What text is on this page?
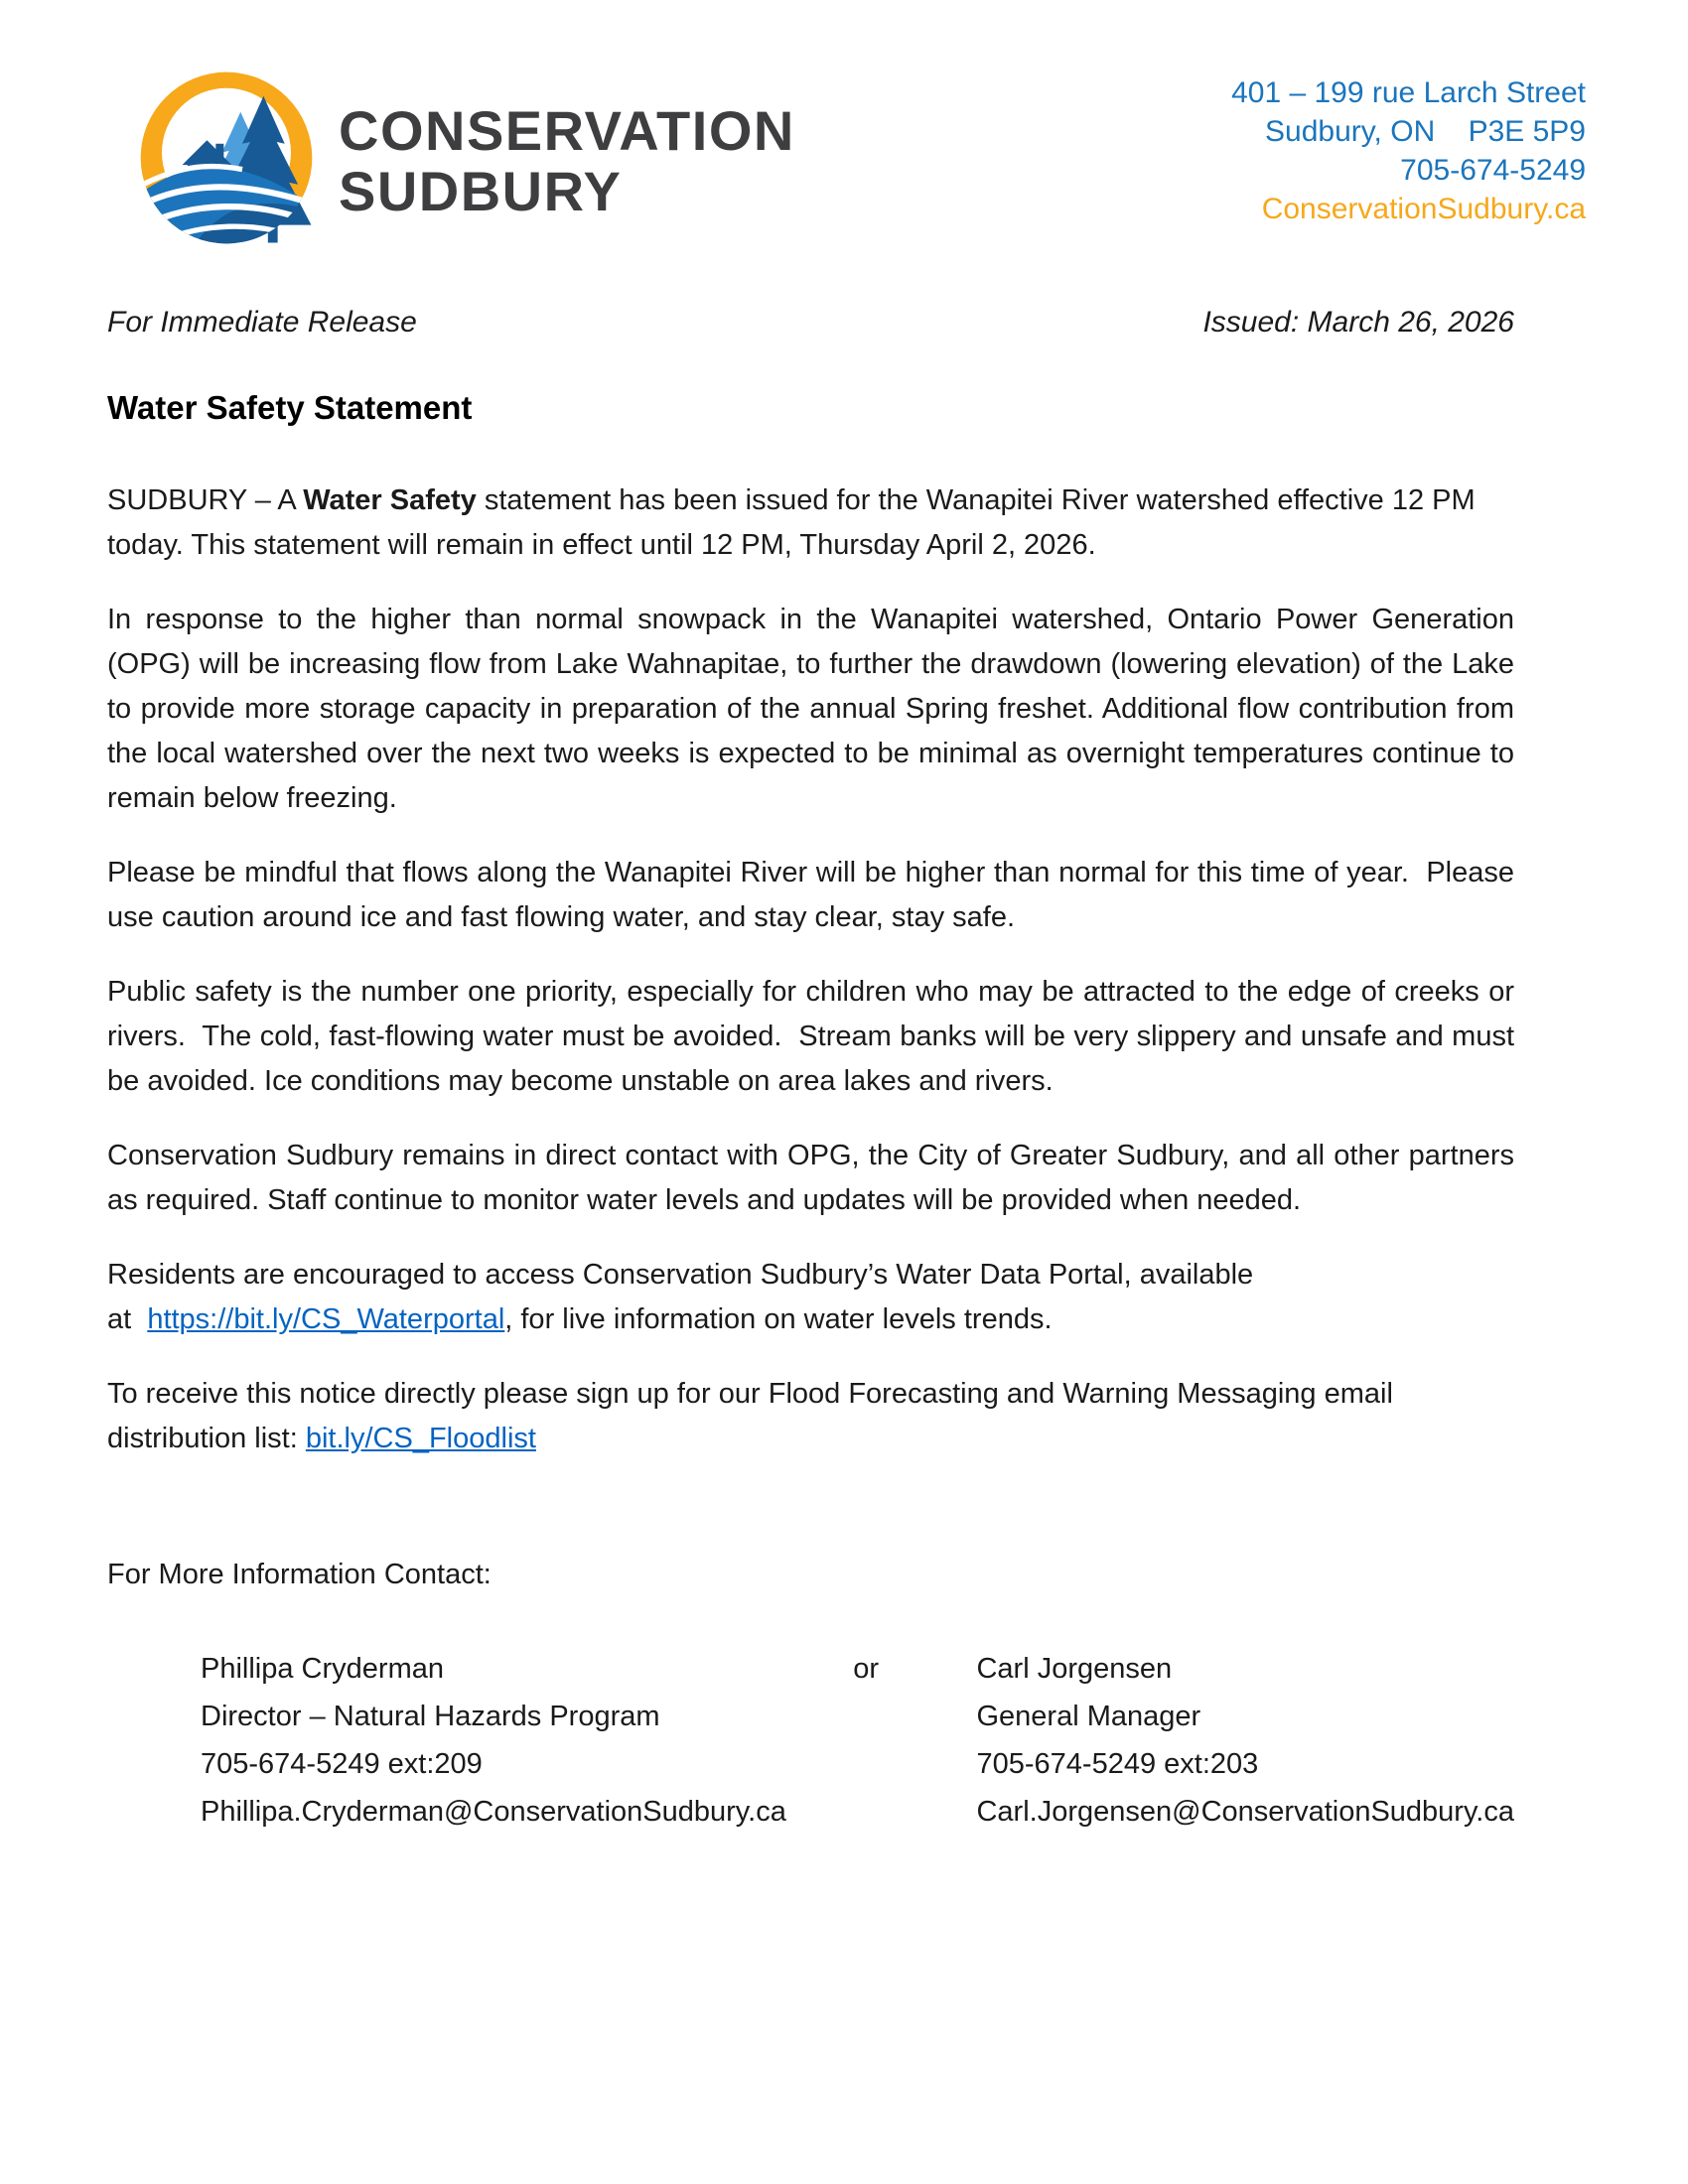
CONSERVATION
SUDBURY
401 – 199 rue Larch Street
Sudbury, ON    P3E 5P9
705-674-5249
ConservationSudbury.ca
For Immediate Release	Issued: March 26, 2026
Water Safety Statement

SUDBURY – A Water Safety statement has been issued for the Wanapitei River watershed effective 12 PM today. This statement will remain in effect until 12 PM, Thursday April 2, 2026.

In response to the higher than normal snowpack in the Wanapitei watershed, Ontario Power Generation (OPG) will be increasing flow from Lake Wahnapitae, to further the drawdown (lowering elevation) of the Lake to provide more storage capacity in preparation of the annual Spring freshet. Additional flow contribution from the local watershed over the next two weeks is expected to be minimal as overnight temperatures continue to remain below freezing.

Please be mindful that flows along the Wanapitei River will be higher than normal for this time of year.  Please use caution around ice and fast flowing water, and stay clear, stay safe.

Public safety is the number one priority, especially for children who may be attracted to the edge of creeks or rivers.  The cold, fast-flowing water must be avoided.  Stream banks will be very slippery and unsafe and must be avoided. Ice conditions may become unstable on area lakes and rivers.

Conservation Sudbury remains in direct contact with OPG, the City of Greater Sudbury, and all other partners as required. Staff continue to monitor water levels and updates will be provided when needed.

Residents are encouraged to access Conservation Sudbury’s Water Data Portal, available
at  https://bit.ly/CS_Waterportal, for live information on water levels trends.

To receive this notice directly please sign up for our Flood Forecasting and Warning Messaging email distribution list: bit.ly/CS_Floodlist

For More Information Contact:

Phillipa Cryderman
Director – Natural Hazards Program
705-674-5249 ext:209
Phillipa.Cryderman@ConservationSudbury.ca
or	Carl Jorgensen
General Manager
705-674-5249 ext:203
Carl.Jorgensen@ConservationSudbury.ca
